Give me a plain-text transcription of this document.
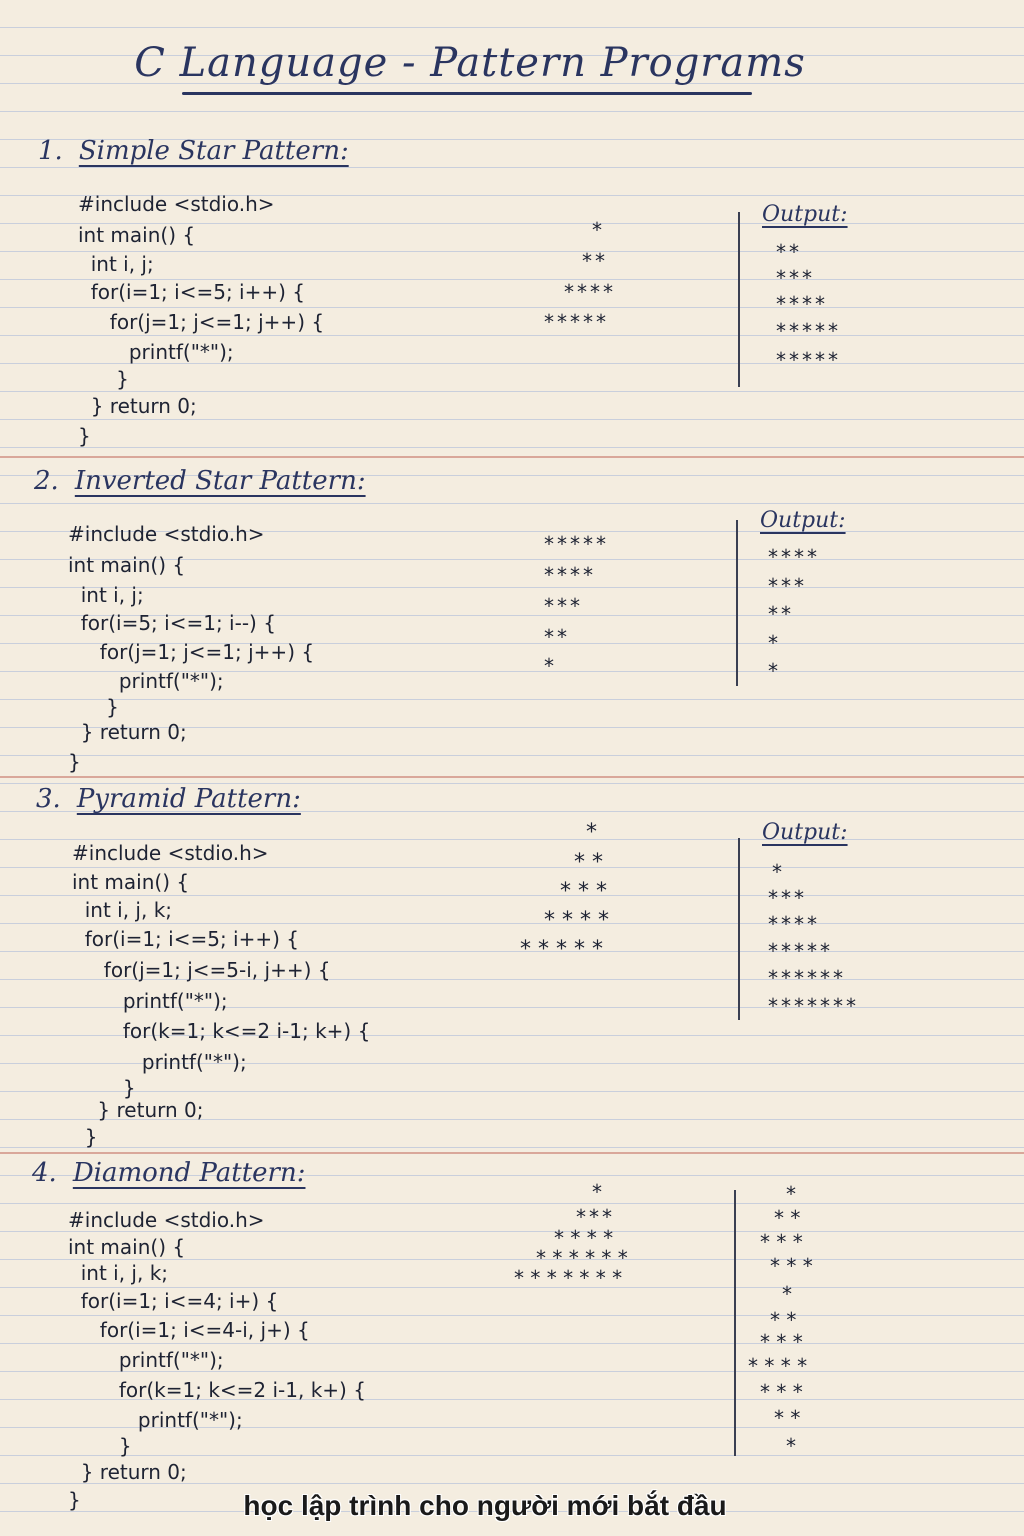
C Language - Pattern Programs
1. Simple Star Pattern:

#include <stdio.h>

int main() {

int i, j;

for(i=1; i<=5; i++) {

for(j=1; j<=1; j++) {

printf("*");

}

} return 0;

}

*
**
****
*****
Output:
**
***
****
*****
*****
2. Inverted Star Pattern:

#include <stdio.h>

int main() {

int i, j;

for(i=5; i<=1; i--) {

for(j=1; j<=1; j++) {

printf("*");

}

} return 0;

}

*****
****
***
**
*
Output:
****
***
**
*
*
3. Pyramid Pattern:

#include <stdio.h>

int main() {

int i, j, k;

for(i=1; i<=5; i++) {

for(j=1; j<=5-i, j++) {

printf("*");

for(k=1; k<=2 i-1; k+) {

printf("*");

}

} return 0;

}

*
* *
* * *
* * * *
* * * * *
Output:
*
***
****
*****
******
*******
4. Diamond Pattern:

#include <stdio.h>

int main() {

int i, j, k;

for(i=1; i<=4; i+) {

for(i=1; i<=4-i, j+) {

printf("*");

for(k=1; k<=2 i-1, k+) {

printf("*");

}

} return 0;

}

*
***
* * * *
* * * * * *
* * * * * * *
*
* *
* * *
* * *
*
* *
* * *
* * * *
* * *
* *
*
học lập trình cho người mới bắt đầu
